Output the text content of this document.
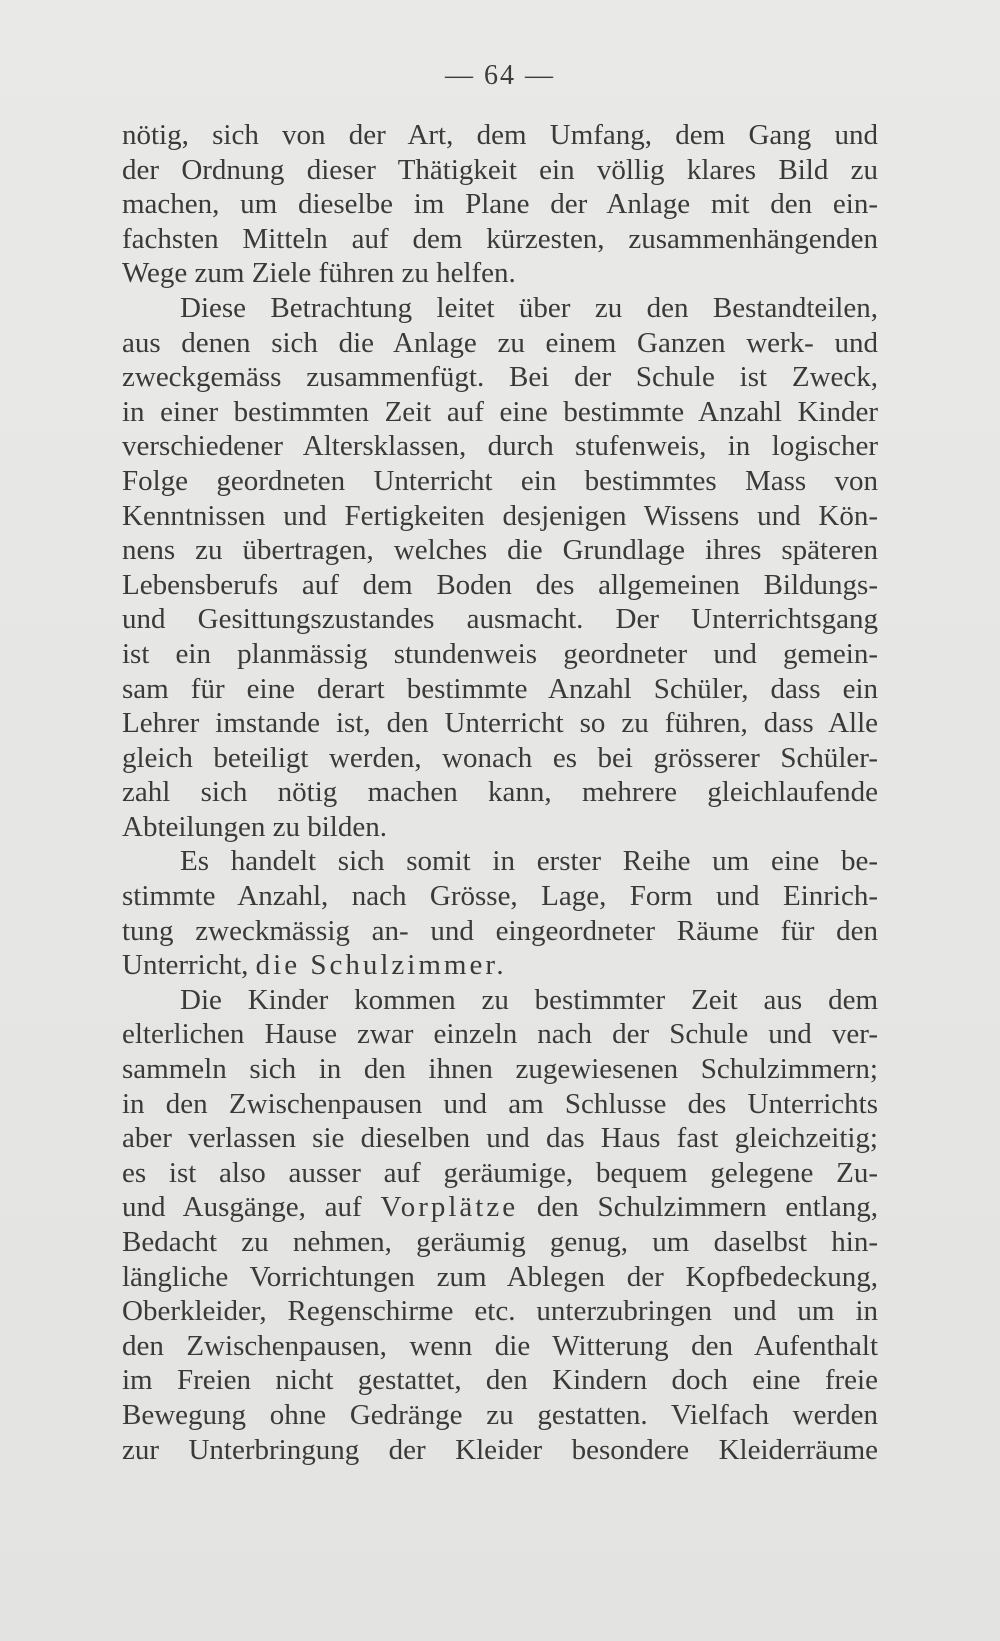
— 64 —
nötig, sich von der Art, dem Umfang, dem Gang und
der Ordnung dieser Thätigkeit ein völlig klares Bild zu
machen, um dieselbe im Plane der Anlage mit den ein-
fachsten Mitteln auf dem kürzesten, zusammenhängenden
Wege zum Ziele führen zu helfen.
Diese Betrachtung leitet über zu den Bestandteilen,
aus denen sich die Anlage zu einem Ganzen werk- und
zweckgemäss zusammenfügt. Bei der Schule ist Zweck,
in einer bestimmten Zeit auf eine bestimmte Anzahl Kinder
verschiedener Altersklassen, durch stufenweis, in logischer
Folge geordneten Unterricht ein bestimmtes Mass von
Kenntnissen und Fertigkeiten desjenigen Wissens und Kön-
nens zu übertragen, welches die Grundlage ihres späteren
Lebensberufs auf dem Boden des allgemeinen Bildungs-
und Gesittungszustandes ausmacht. Der Unterrichtsgang
ist ein planmässig stundenweis geordneter und gemein-
sam für eine derart bestimmte Anzahl Schüler, dass ein
Lehrer imstande ist, den Unterricht so zu führen, dass Alle
gleich beteiligt werden, wonach es bei grösserer Schüler-
zahl sich nötig machen kann, mehrere gleichlaufende
Abteilungen zu bilden.
Es handelt sich somit in erster Reihe um eine be-
stimmte Anzahl, nach Grösse, Lage, Form und Einrich-
tung zweckmässig an- und eingeordneter Räume für den
Unterricht, die Schulzimmer.
Die Kinder kommen zu bestimmter Zeit aus dem
elterlichen Hause zwar einzeln nach der Schule und ver-
sammeln sich in den ihnen zugewiesenen Schulzimmern;
in den Zwischenpausen und am Schlusse des Unterrichts
aber verlassen sie dieselben und das Haus fast gleichzeitig;
es ist also ausser auf geräumige, bequem gelegene Zu-
und Ausgänge, auf Vorplätze den Schulzimmern entlang,
Bedacht zu nehmen, geräumig genug, um daselbst hin-
längliche Vorrichtungen zum Ablegen der Kopfbedeckung,
Oberkleider, Regenschirme etc. unterzubringen und um in
den Zwischenpausen, wenn die Witterung den Aufenthalt
im Freien nicht gestattet, den Kindern doch eine freie
Bewegung ohne Gedränge zu gestatten. Vielfach werden
zur Unterbringung der Kleider besondere Kleiderräume
